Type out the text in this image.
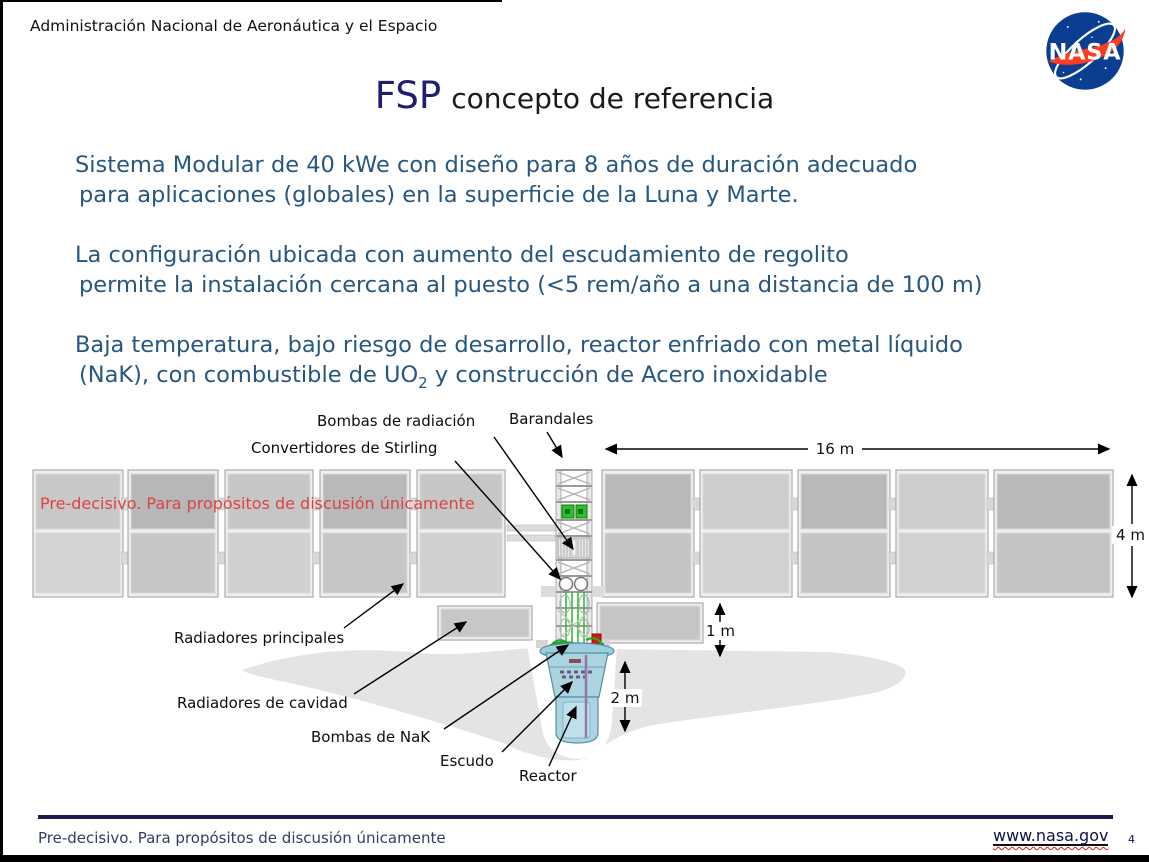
Administración Nacional de Aeronáutica y el Espacio
NASA
FSP concepto de referencia
Sistema Modular de 40 kWe con diseño para 8 años de duración adecuado
para aplicaciones (globales) en la superficie de la Luna y Marte.
La configuración ubicada con aumento del escudamiento de regolito
permite la instalación cercana al puesto (<5 rem/año a una distancia de 100 m)
Baja temperatura, bajo riesgo de desarrollo, reactor enfriado con metal líquido
(NaK), con combustible de $UO_2$ y construcción de Acero inoxidable
Pre-decisivo. Para propósitos de discusión únicamente
Bombas de radiación Barandales
Convertidores de Stirling
Radiadores principales
Radiadores de cavidad
Bombas de NaK
Escudo
Reactor
16 m
4 m
1 m
2 m
Pre-decisivo. Para propósitos de discusión únicamente	www.nasa.gov 4
